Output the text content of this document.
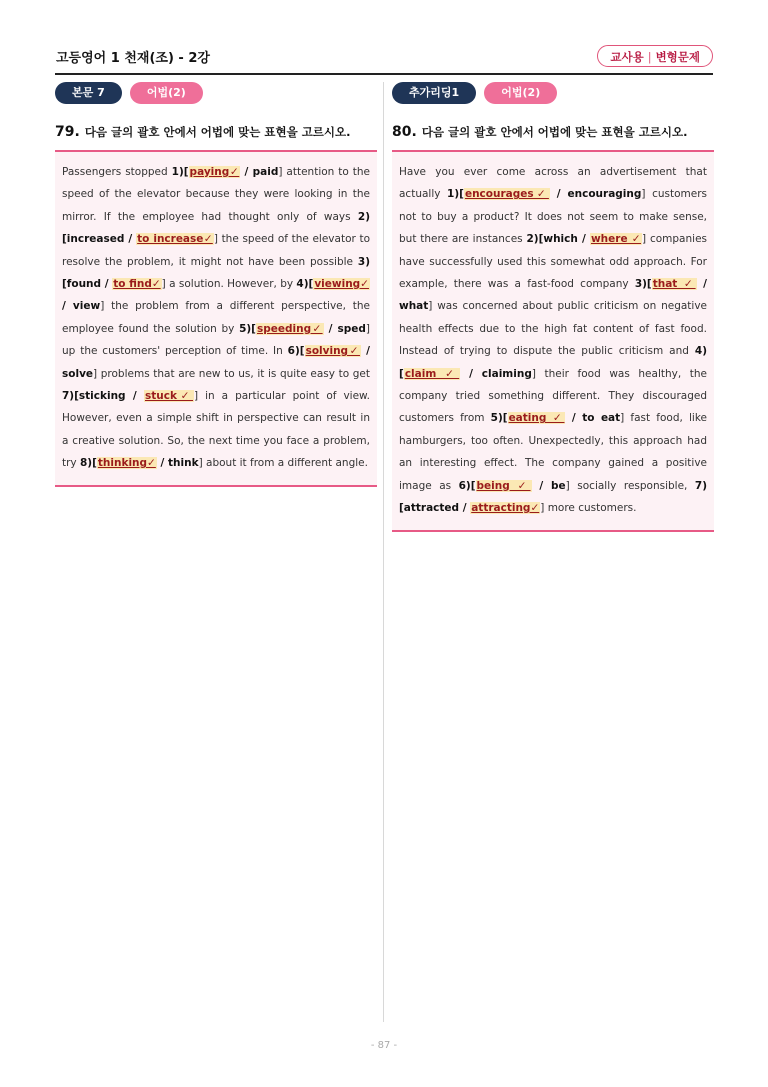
고등영어 1 천재(조) - 2강	교사용 | 변형문제
본문 7	어법(2)
79. 다음 글의 괄호 안에서 어법에 맞는 표현을 고르시오.
Passengers stopped 1)[paying✓ / paid] attention to the speed of the elevator because they were looking in the mirror. If the employee had thought only of ways 2)[increased / to increase✓] the speed of the elevator to resolve the problem, it might not have been possible 3)[found / to find✓] a solution. However, by 4)[viewing✓ / view] the problem from a different perspective, the employee found the solution by 5)[speeding✓ / sped] up the customers' perception of time. In 6)[solving✓ / solve] problems that are new to us, it is quite easy to get 7)[sticking / stuck✓] in a particular point of view. However, even a simple shift in perspective can result in a creative solution. So, the next time you face a problem, try 8)[thinking✓ / think] about it from a different angle.
추가리딩1	어법(2)
80. 다음 글의 괄호 안에서 어법에 맞는 표현을 고르시오.
Have you ever come across an advertisement that actually 1)[encourages✓ / encouraging] customers not to buy a product? It does not seem to make sense, but there are instances 2)[which / where ✓] companies have successfully used this somewhat odd approach. For example, there was a fast-food company 3)[that ✓ / what] was concerned about public criticism on negative health effects due to the high fat content of fast food. Instead of trying to dispute the public criticism and 4)[claim ✓ / claiming] their food was healthy, the company tried something different. They discouraged customers from 5)[eating ✓ / to eat] fast food, like hamburgers, too often. Unexpectedly, this approach had an interesting effect. The company gained a positive image as 6)[being ✓ / be] socially responsible, 7)[attracted / attracting✓] more customers.
- 87 -
